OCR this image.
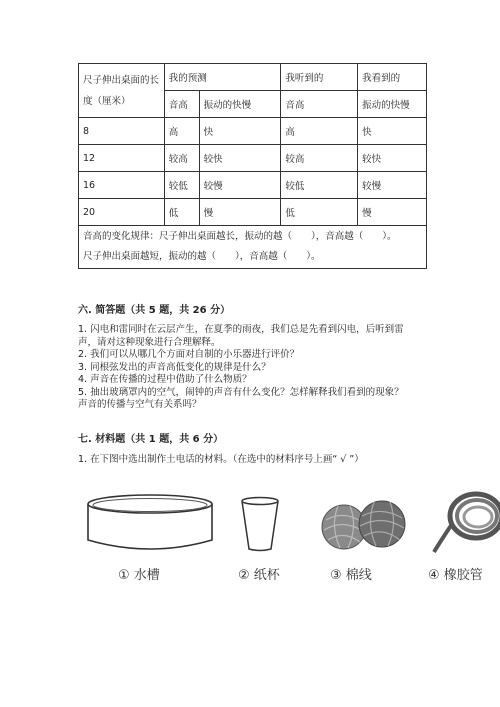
尺子伸出桌面的长度（厘米）	我的预测		我听到的	我看到的
	音高	振动的快慢	音高	振动的快慢
8	高	快	高	快
12	较高	较快	较高	较快
16	较低	较慢	较低	较慢
20	低	慢	低	慢

音高的变化规律：尺子伸出桌面越长，振动的越（　　），音高越（　　）。
尺子伸出桌面越短，振动的越（　　），音高越（　　）。				
六. 简答题（共 5 题，共 26 分）
1. 闪电和雷同时在云层产生，在夏季的雨夜，我们总是先看到闪电，后听到雷
声，请对这种现象进行合理解释。
2. 我们可以从哪几个方面对自制的小乐器进行评价？
3. 同根弦发出的声音高低变化的规律是什么？
4. 声音在传播的过程中借助了什么物质？
5. 抽出玻璃罩内的空气，闹钟的声音有什么变化？怎样解释我们看到的现象？
声音的传播与空气有关系吗？
七. 材料题（共 1 题，共 6 分）
1. 在下图中选出制作土电话的材料。（在选中的材料序号上画“ √ ”）
① 水槽	② 纸杯	③ 棉线	④ 橡胶管
